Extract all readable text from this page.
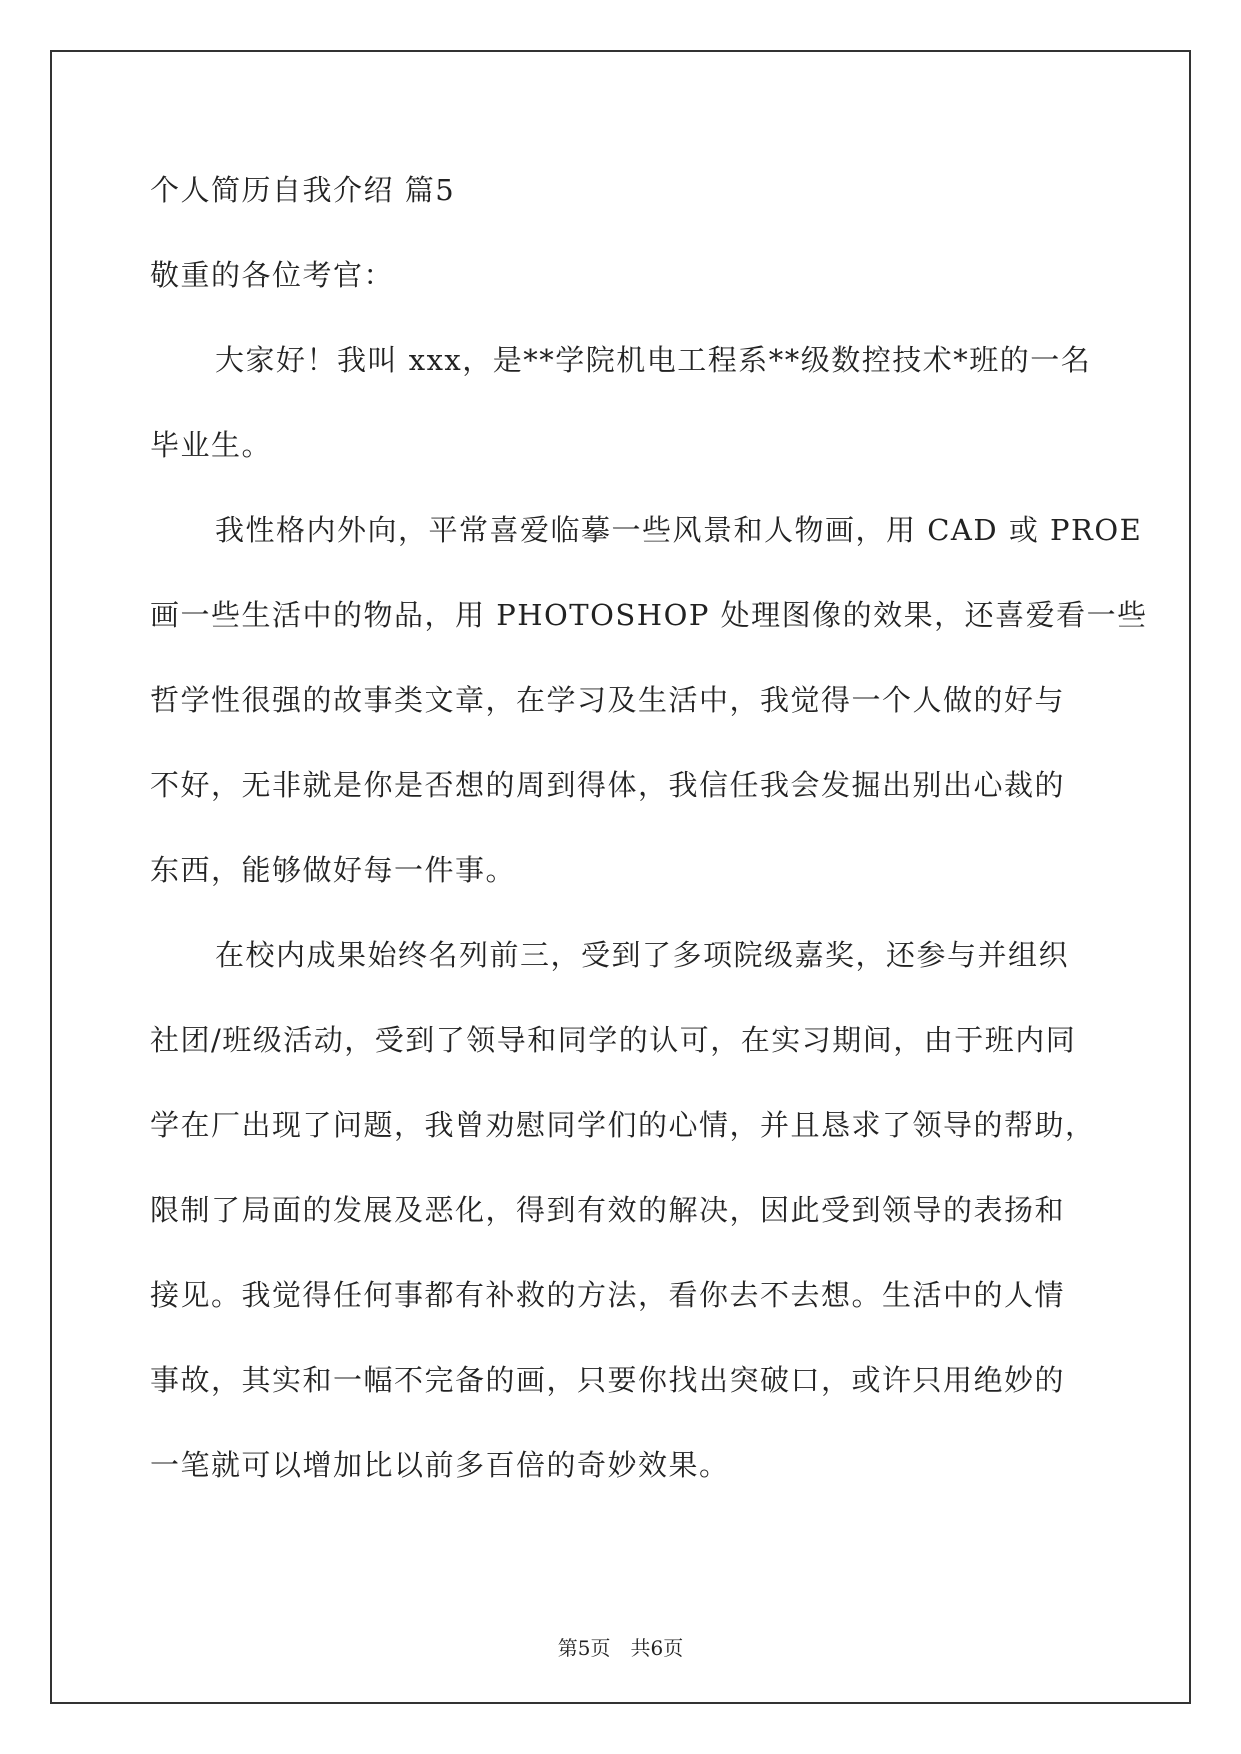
个人简历自我介绍 篇5
敬重的各位考官：
大家好！我叫 xxx，是**学院机电工程系**级数控技术*班的一名
毕业生。
我性格内外向，平常喜爱临摹一些风景和人物画，用 CAD 或 PROE
画一些生活中的物品，用 PHOTOSHOP 处理图像的效果，还喜爱看一些
哲学性很强的故事类文章，在学习及生活中，我觉得一个人做的好与
不好，无非就是你是否想的周到得体，我信任我会发掘出别出心裁的
东西，能够做好每一件事。
在校内成果始终名列前三，受到了多项院级嘉奖，还参与并组织
社团/班级活动，受到了领导和同学的认可，在实习期间，由于班内同
学在厂出现了问题，我曾劝慰同学们的心情，并且恳求了领导的帮助，
限制了局面的发展及恶化，得到有效的解决，因此受到领导的表扬和
接见。我觉得任何事都有补救的方法，看你去不去想。生活中的人情
事故，其实和一幅不完备的画，只要你找出突破口，或许只用绝妙的
一笔就可以增加比以前多百倍的奇妙效果。
第5页 共6页
